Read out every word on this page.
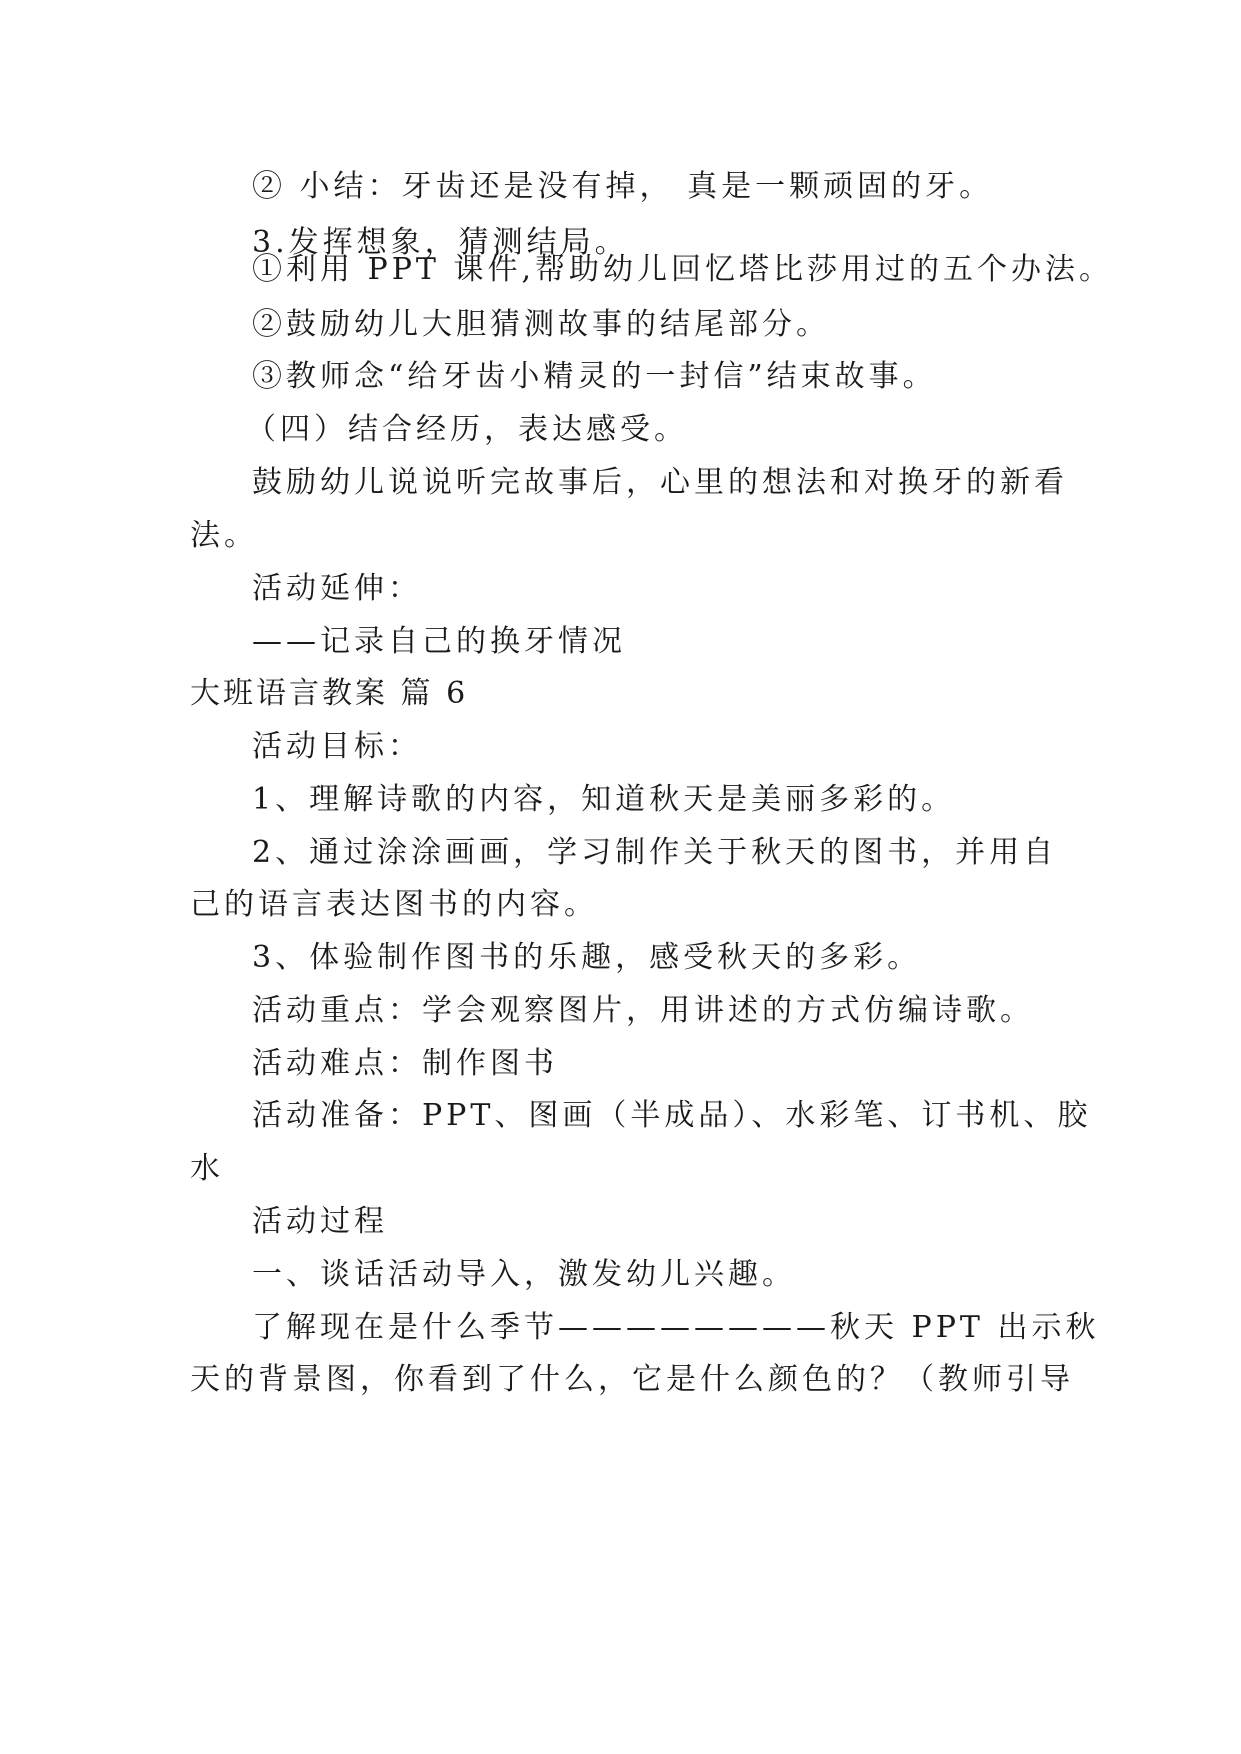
② 小结：牙齿还是没有掉， 真是一颗顽固的牙。
3.发挥想象，猜测结局。
①利用 PPT 课件,帮助幼儿回忆塔比莎用过的五个办法。
②鼓励幼儿大胆猜测故事的结尾部分。
③教师念“给牙齿小精灵的一封信”结束故事。
（四）结合经历，表达感受。
鼓励幼儿说说听完故事后，心里的想法和对换牙的新看
法。
活动延伸：
——记录自己的换牙情况
大班语言教案 篇 6
活动目标：
1、理解诗歌的内容，知道秋天是美丽多彩的。
2、通过涂涂画画，学习制作关于秋天的图书，并用自
己的语言表达图书的内容。
3、体验制作图书的乐趣，感受秋天的多彩。
活动重点：学会观察图片，用讲述的方式仿编诗歌。
活动难点：制作图书
活动准备：PPT、图画（半成品）、水彩笔、订书机、胶
水
活动过程
一、谈话活动导入，激发幼儿兴趣。
了解现在是什么季节————————秋天 PPT 出示秋
天的背景图，你看到了什么，它是什么颜色的？（教师引导
